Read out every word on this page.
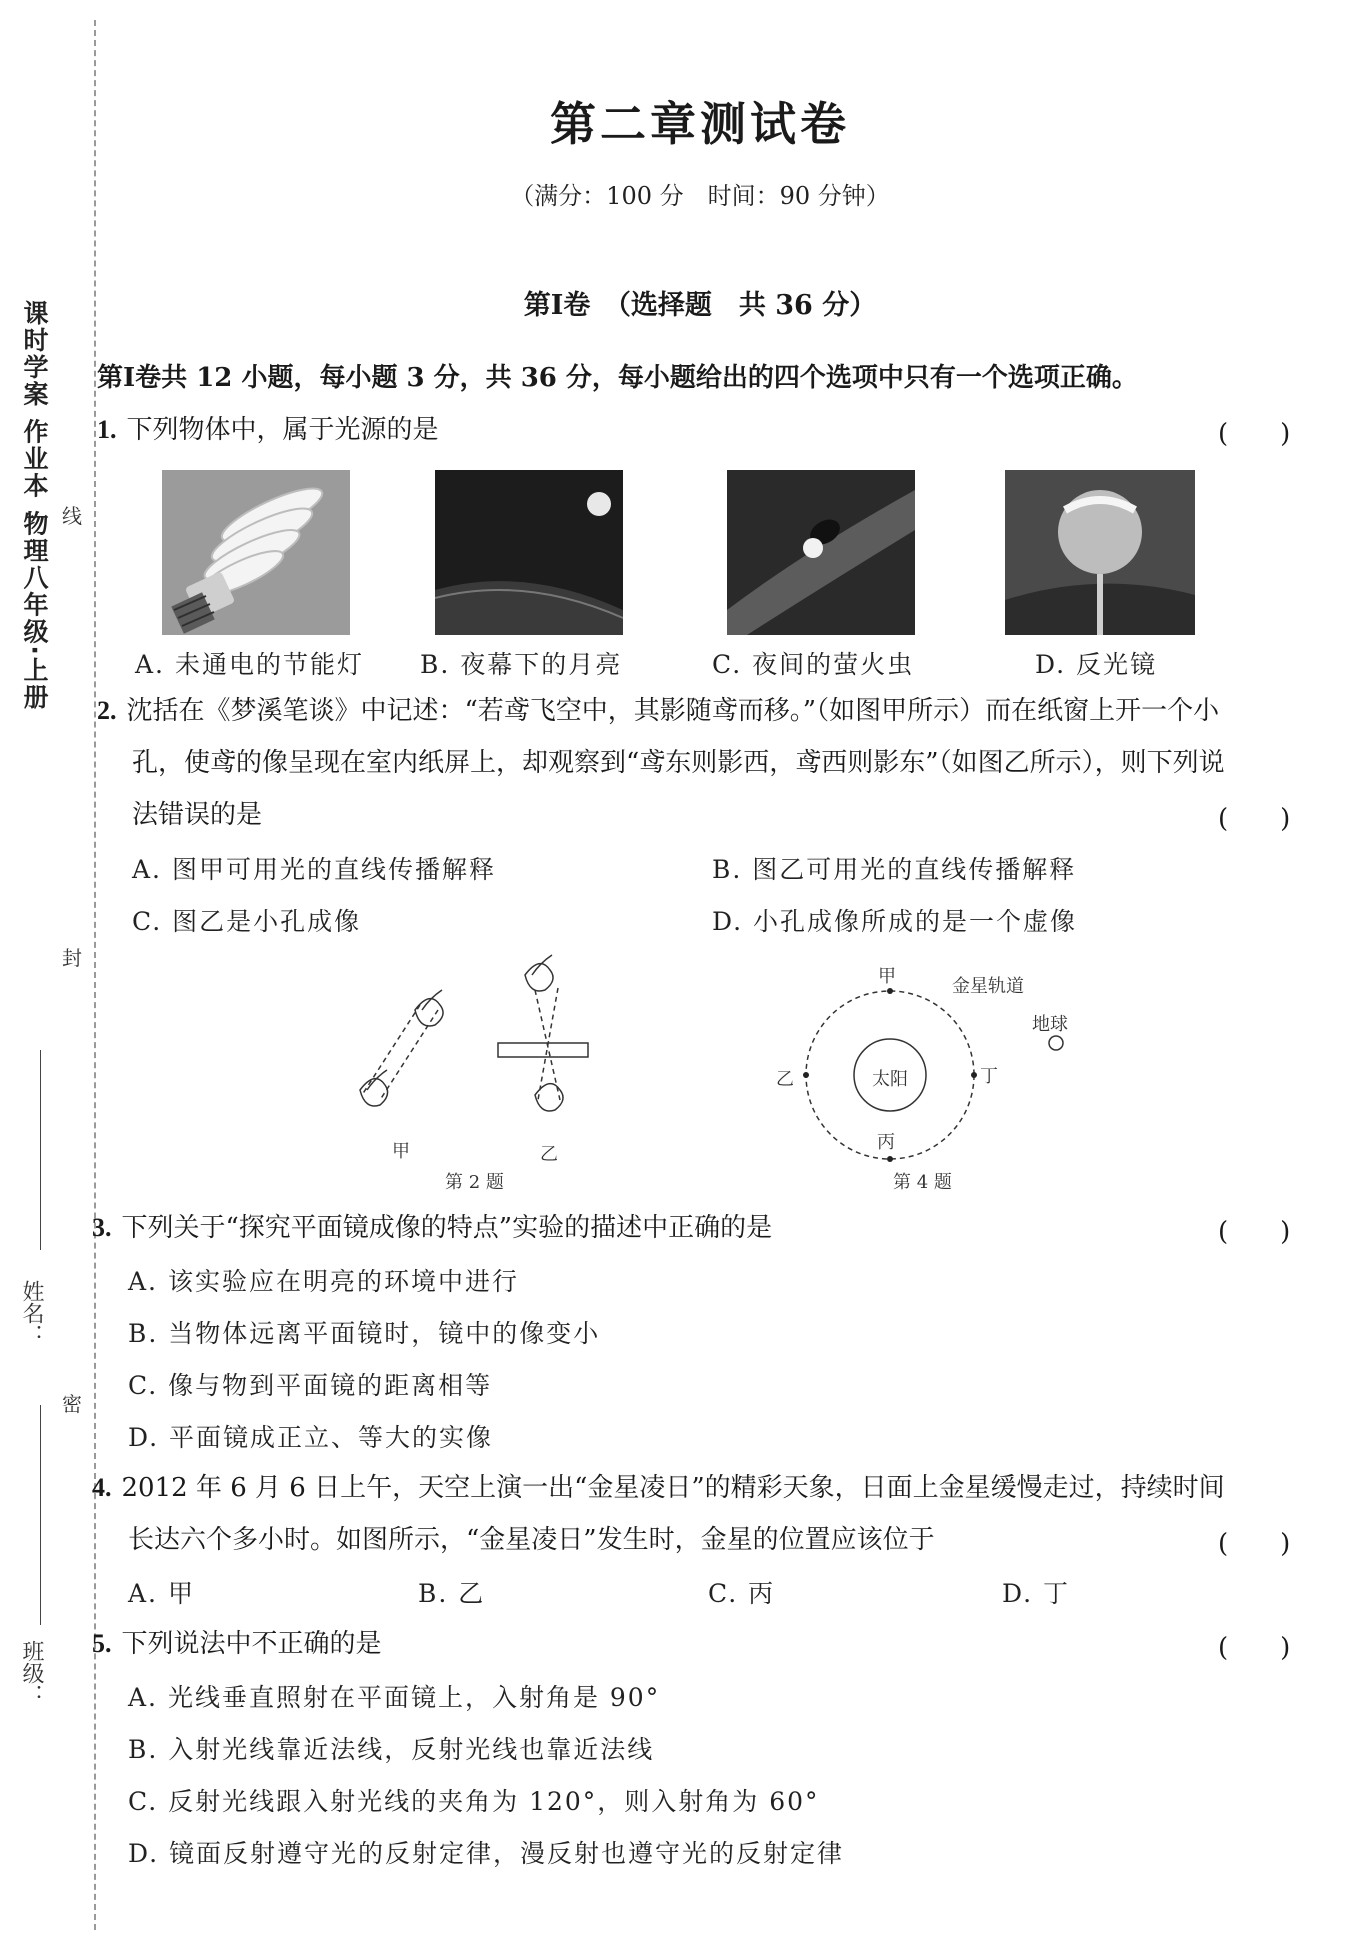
课时学案 作业本 物理八年级·上册 线
封
密
姓名：
班级：
第二章测试卷
（满分：100 分　时间：90 分钟）
第Ⅰ卷　（选择题　共 36 分）
第Ⅰ卷共 12 小题，每小题 3 分，共 36 分，每小题给出的四个选项中只有一个选项正确。
1. 下列物体中，属于光源的是	(　　)
A. 未通电的节能灯 B. 夜幕下的月亮	C. 夜间的萤火虫	D. 反光镜
2. 沈括在《梦溪笔谈》中记述：“若鸢飞空中，其影随鸢而移。”（如图甲所示）而在纸窗上开一个小
孔，使鸢的像呈现在室内纸屏上，却观察到“鸢东则影西，鸢西则影东”（如图乙所示），则下列说
法错误的是	(　　)
A. 图甲可用光的直线传播解释	B. 图乙可用光的直线传播解释
C. 图乙是小孔成像	D. 小孔成像所成的是一个虚像
甲	乙
第 2 题
甲
乙
丙
丁
太阳
金星轨道
地球
第 4 题
3. 下列关于“探究平面镜成像的特点”实验的描述中正确的是	(　　)
A. 该实验应在明亮的环境中进行
B. 当物体远离平面镜时，镜中的像变小
C. 像与物到平面镜的距离相等
D. 平面镜成正立、等大的实像
4. 2012 年 6 月 6 日上午，天空上演一出“金星凌日”的精彩天象，日面上金星缓慢走过，持续时间
长达六个多小时。如图所示，“金星凌日”发生时，金星的位置应该位于	(　　)
A. 甲	B. 乙	C. 丙	D. 丁
5. 下列说法中不正确的是	(　　)
A. 光线垂直照射在平面镜上，入射角是 90°
B. 入射光线靠近法线，反射光线也靠近法线
C. 反射光线跟入射光线的夹角为 120°，则入射角为 60°
D. 镜面反射遵守光的反射定律，漫反射也遵守光的反射定律
